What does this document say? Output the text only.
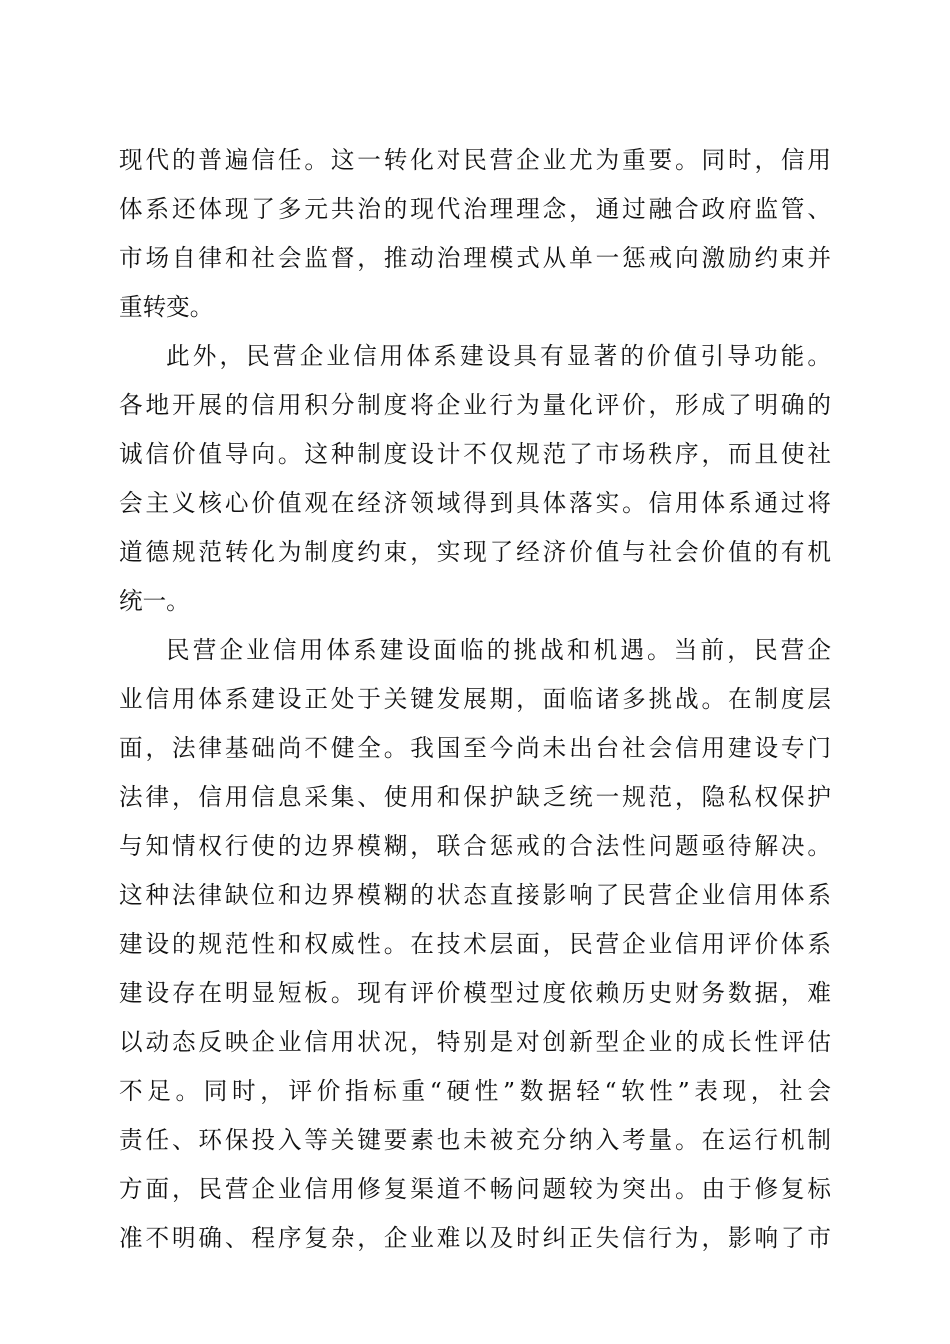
现代的普遍信任。这一转化对民营企业尤为重要。同时，信用
体系还体现了多元共治的现代治理理念，通过融合政府监管、
市场自律和社会监督，推动治理模式从单一惩戒向激励约束并
重转变。
此外，民营企业信用体系建设具有显著的价值引导功能。
各地开展的信用积分制度将企业行为量化评价，形成了明确的
诚信价值导向。这种制度设计不仅规范了市场秩序，而且使社
会主义核心价值观在经济领域得到具体落实。信用体系通过将
道德规范转化为制度约束，实现了经济价值与社会价值的有机
统一。
民营企业信用体系建设面临的挑战和机遇。当前，民营企
业信用体系建设正处于关键发展期，面临诸多挑战。在制度层
面，法律基础尚不健全。我国至今尚未出台社会信用建设专门
法律，信用信息采集、使用和保护缺乏统一规范，隐私权保护
与知情权行使的边界模糊，联合惩戒的合法性问题亟待解决。
这种法律缺位和边界模糊的状态直接影响了民营企业信用体系
建设的规范性和权威性。在技术层面，民营企业信用评价体系
建设存在明显短板。现有评价模型过度依赖历史财务数据，难
以动态反映企业信用状况，特别是对创新型企业的成长性评估
不足。同时，评价指标重“硬性”数据轻“软性”表现，社会
责任、环保投入等关键要素也未被充分纳入考量。在运行机制
方面，民营企业信用修复渠道不畅问题较为突出。由于修复标
准不明确、程序复杂，企业难以及时纠正失信行为，影响了市
